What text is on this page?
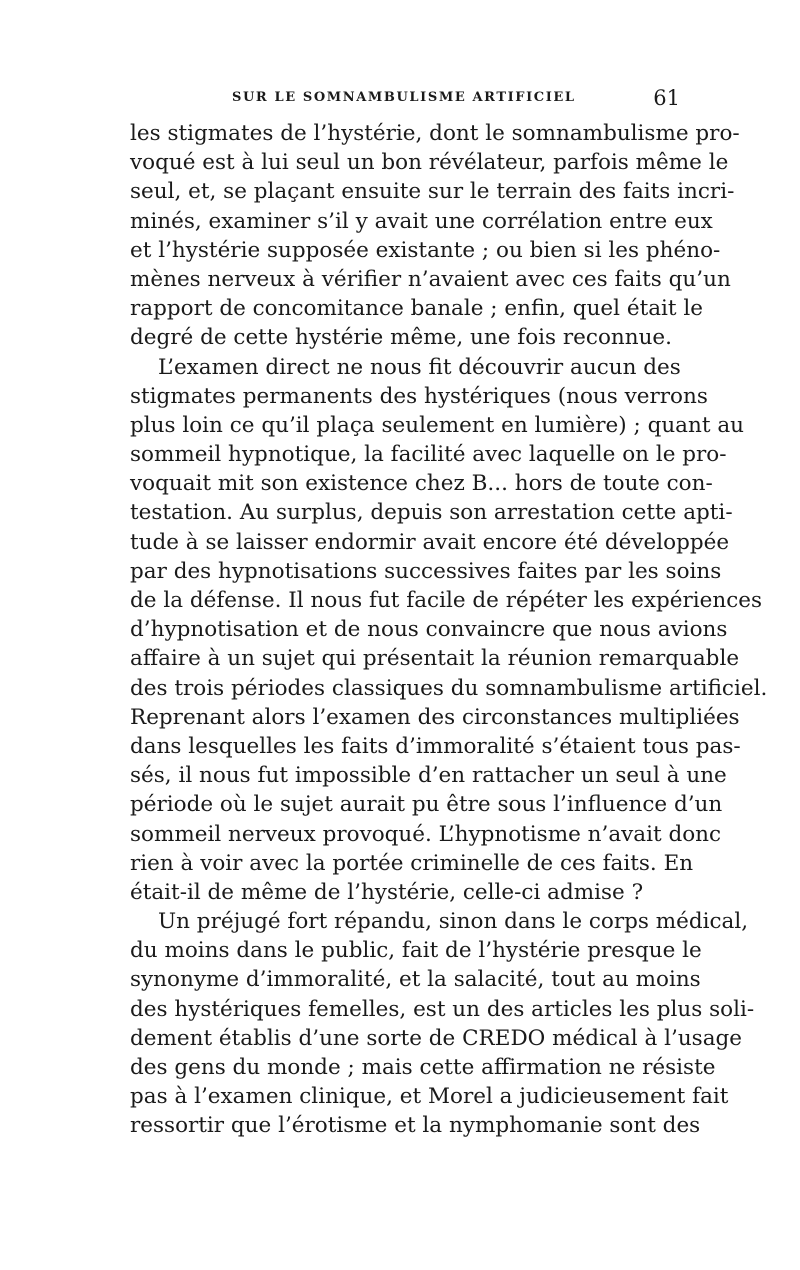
SUR LE SOMNAMBULISME ARTIFICIEL	61
les stigmates de l’hystérie, dont le somnambulisme pro-
voqué est à lui seul un bon révélateur, parfois même le
seul, et, se plaçant ensuite sur le terrain des faits incri-
minés, examiner s’il y avait une corrélation entre eux
et l’hystérie supposée existante ; ou bien si les phéno-
mènes nerveux à vérifier n’avaient avec ces faits qu’un
rapport de concomitance banale ; enfin, quel était le
degré de cette hystérie même, une fois reconnue.
L’examen direct ne nous fit découvrir aucun des
stigmates permanents des hystériques (nous verrons
plus loin ce qu’il plaça seulement en lumière) ; quant au
sommeil hypnotique, la facilité avec laquelle on le pro-
voquait mit son existence chez B... hors de toute con-
testation. Au surplus, depuis son arrestation cette apti-
tude à se laisser endormir avait encore été développée
par des hypnotisations successives faites par les soins
de la défense. Il nous fut facile de répéter les expériences
d’hypnotisation et de nous convaincre que nous avions
affaire à un sujet qui présentait la réunion remarquable
des trois périodes classiques du somnambulisme artificiel.
Reprenant alors l’examen des circonstances multipliées
dans lesquelles les faits d’immoralité s’étaient tous pas-
sés, il nous fut impossible d’en rattacher un seul à une
période où le sujet aurait pu être sous l’influence d’un
sommeil nerveux provoqué. L’hypnotisme n’avait donc
rien à voir avec la portée criminelle de ces faits. En
était-il de même de l’hystérie, celle-ci admise ?
Un préjugé fort répandu, sinon dans le corps médical,
du moins dans le public, fait de l’hystérie presque le
synonyme d’immoralité, et la salacité, tout au moins
des hystériques femelles, est un des articles les plus soli-
dement établis d’une sorte de CREDO médical à l’usage
des gens du monde ; mais cette affirmation ne résiste
pas à l’examen clinique, et Morel a judicieusement fait
ressortir que l’érotisme et la nymphomanie sont des
